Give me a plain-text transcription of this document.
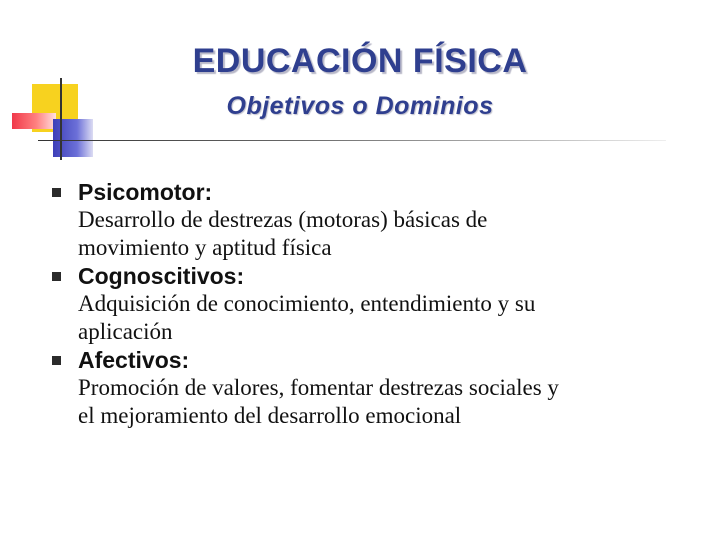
EDUCACIÓN FÍSICA
Objetivos o Dominios
Psicomotor:
Desarrollo de destrezas (motoras) básicas de
movimiento y aptitud física
Cognoscitivos:
Adquisición de conocimiento, entendimiento y su
aplicación
Afectivos:
Promoción de valores, fomentar destrezas sociales y
el mejoramiento del desarrollo emocional
